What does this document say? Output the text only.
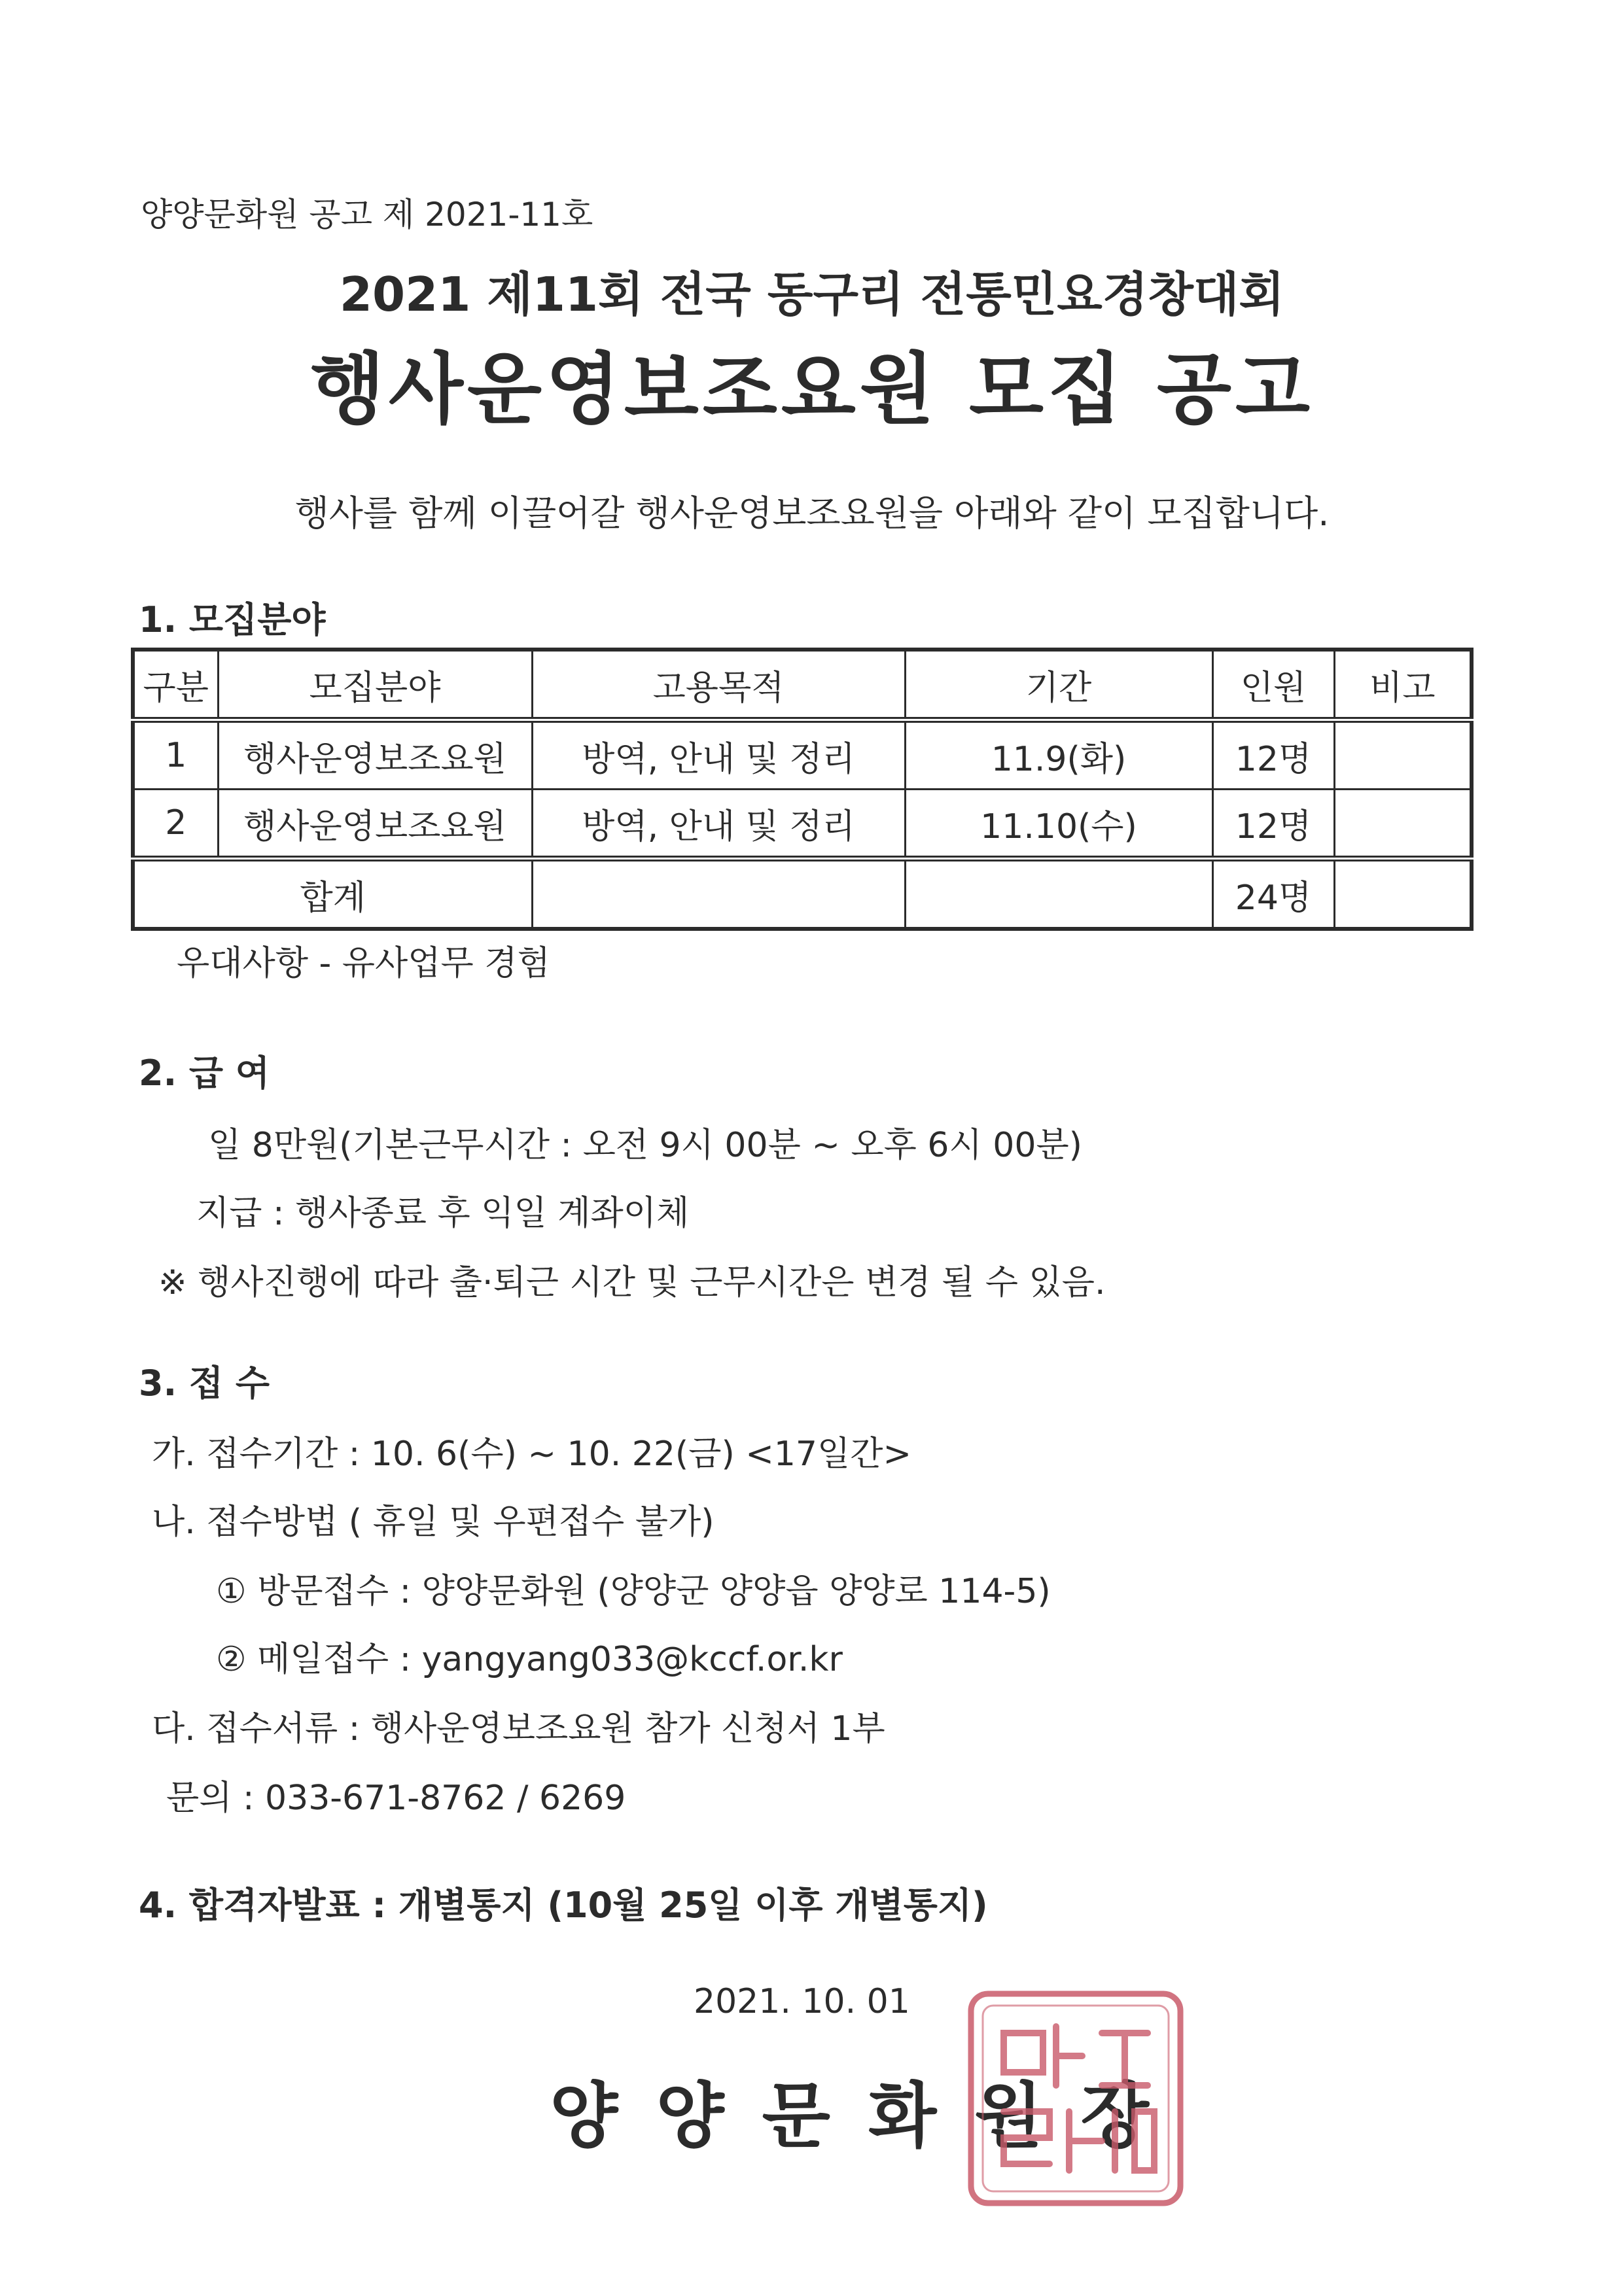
양양문화원 공고 제 2021-11호
2021 제11회 전국 동구리 전통민요경창대회
행사운영보조요원 모집 공고
행사를 함께 이끌어갈 행사운영보조요원을 아래와 같이 모집합니다.
1. 모집분야
구분	모집분야	고용목적	기간	인원	비고
1	행사운영보조요원	방역, 안내 및 정리	11.9(화)	12명	
2	행사운영보조요원	방역, 안내 및 정리	11.10(수)	12명	
합계				24명	
우대사항 - 유사업무 경험
2. 급 여
일 8만원(기본근무시간 : 오전 9시 00분 ~ 오후 6시 00분)
지급 : 행사종료 후 익일 계좌이체
※ 행사진행에 따라 출·퇴근 시간 및 근무시간은 변경 될 수 있음.
3. 접 수
가. 접수기간 : 10. 6(수) ~ 10. 22(금) <17일간>
나. 접수방법 ( 휴일 및 우편접수 불가)
① 방문접수 : 양양문화원 (양양군 양양읍 양양로 114-5)
② 메일접수 : yangyang033@kccf.or.kr
다. 접수서류 : 행사운영보조요원 참가 신청서 1부
문의 : 033-671-8762 / 6269
4. 합격자발표 : 개별통지 (10월 25일 이후 개별통지)
2021. 10. 01
양양문화원장
